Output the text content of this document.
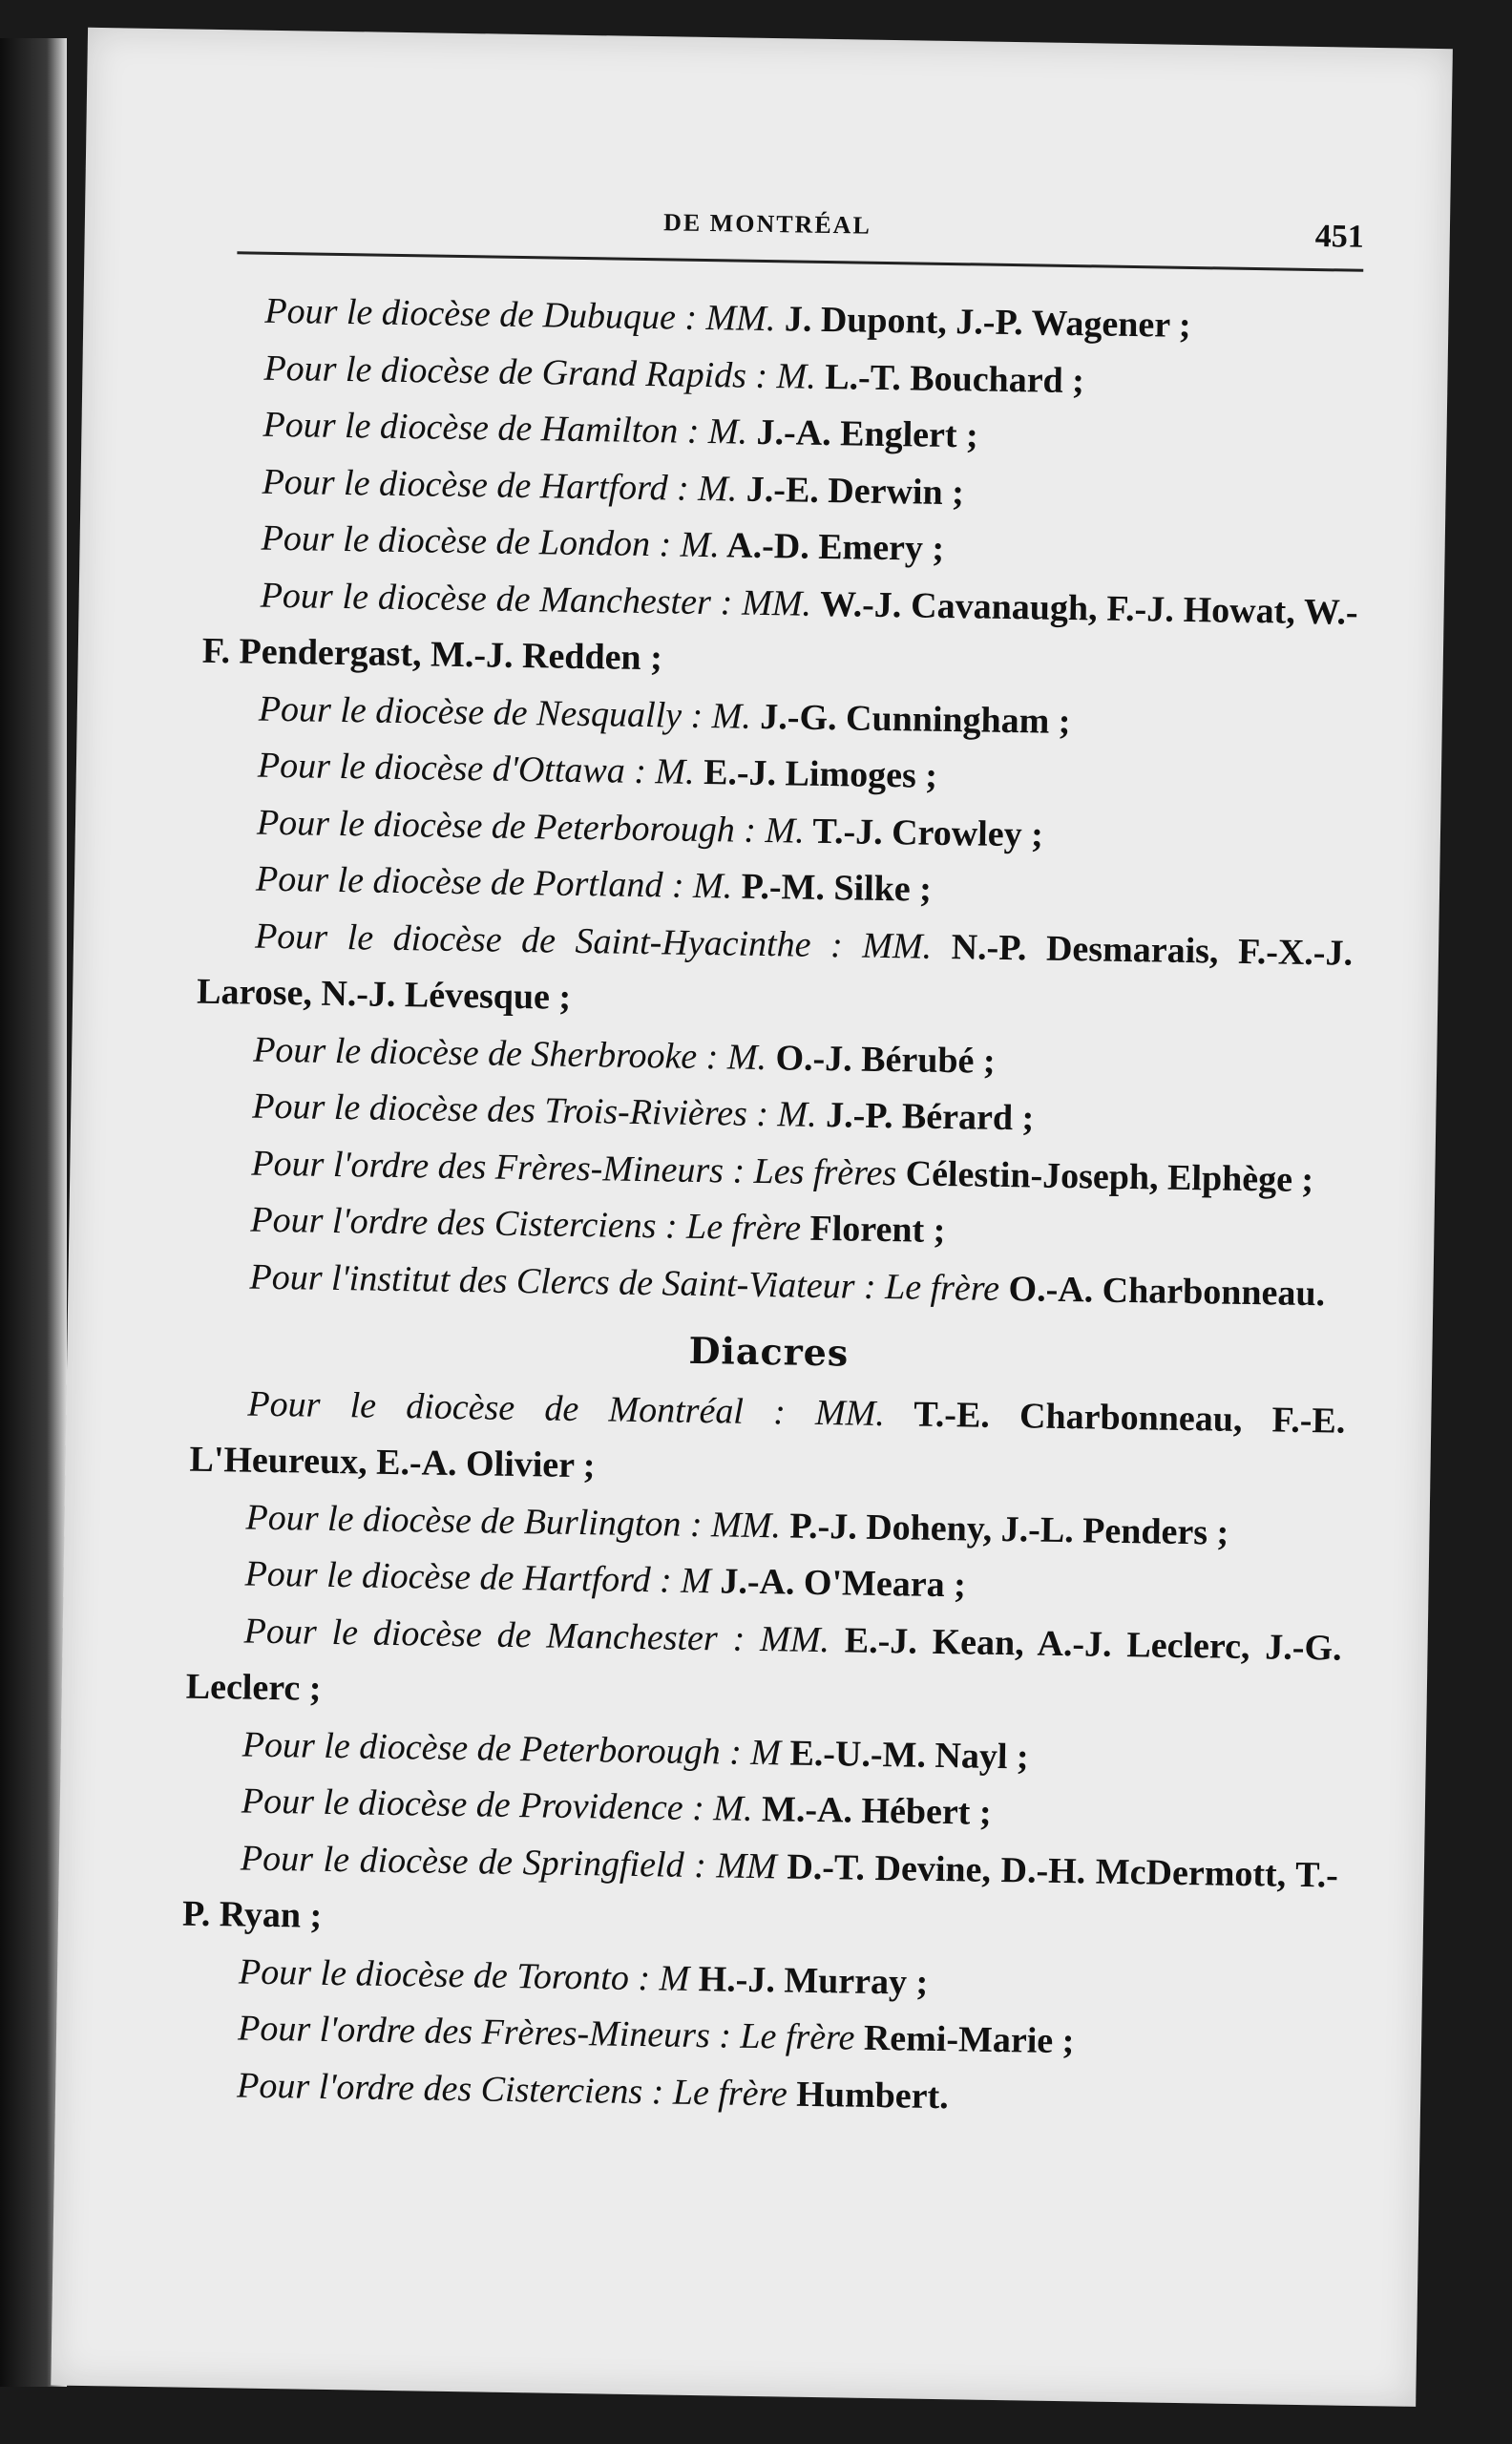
DE MONTRÉAL	451

Pour le diocèse de Dubuque : MM. J. Dupont, J.-P. Wagener ;

Pour le diocèse de Grand Rapids : M. L.-T. Bouchard ;

Pour le diocèse de Hamilton : M. J.-A. Englert ;

Pour le diocèse de Hartford : M. J.-E. Derwin ;

Pour le diocèse de London : M. A.-D. Emery ;

Pour le diocèse de Manchester : MM. W.-J. Cavanaugh, F.-J. Howat, W.-F. Pendergast, M.-J. Redden ;

Pour le diocèse de Nesqually : M. J.-G. Cunningham ;

Pour le diocèse d'Ottawa : M. E.-J. Limoges ;

Pour le diocèse de Peterborough : M. T.-J. Crowley ;

Pour le diocèse de Portland : M. P.-M. Silke ;

Pour le diocèse de Saint-Hyacinthe : MM. N.-P. Desmarais, F.-X.-J. Larose, N.-J. Lévesque ;

Pour le diocèse de Sherbrooke : M. O.-J. Bérubé ;

Pour le diocèse des Trois-Rivières : M. J.-P. Bérard ;

Pour l'ordre des Frères-Mineurs : Les frères Célestin-Joseph, Elphège ;

Pour l'ordre des Cisterciens : Le frère Florent ;

Pour l'institut des Clercs de Saint-Viateur : Le frère O.-A. Charbonneau.

Diacres

Pour le diocèse de Montréal : MM. T.-E. Charbonneau, F.-E. L'Heureux, E.-A. Olivier ;

Pour le diocèse de Burlington : MM. P.-J. Doheny, J.-L. Penders ;

Pour le diocèse de Hartford : M J.-A. O'Meara ;

Pour le diocèse de Manchester : MM. E.-J. Kean, A.-J. Leclerc, J.-G. Leclerc ;

Pour le diocèse de Peterborough : M E.-U.-M. Nayl ;

Pour le diocèse de Providence : M. M.-A. Hébert ;

Pour le diocèse de Springfield : MM D.-T. Devine, D.-H. McDermott, T.-P. Ryan ;

Pour le diocèse de Toronto : M H.-J. Murray ;

Pour l'ordre des Frères-Mineurs : Le frère Remi-Marie ;

Pour l'ordre des Cisterciens : Le frère Humbert.
